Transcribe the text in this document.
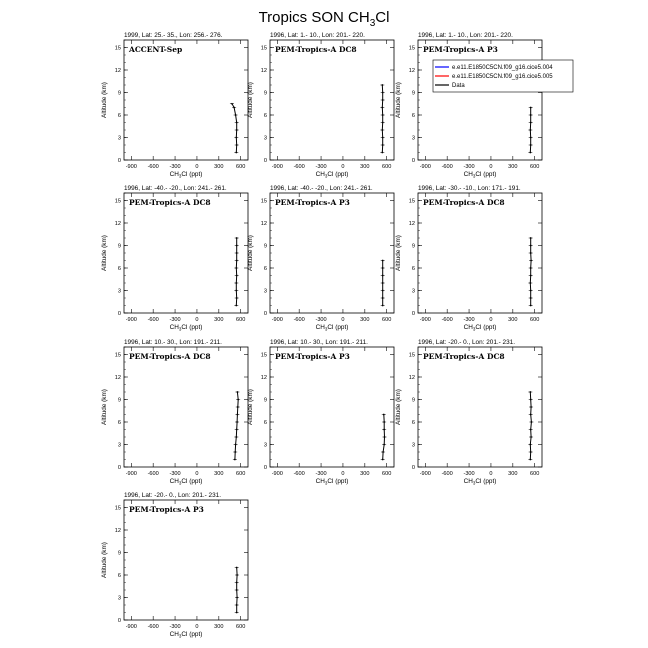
Tropics SON $CH_3Cl$
1999, Lat: 25.- 35., Lon: 256.- 276.
-900 -600 -300	0	300 600
0
3
6
9
12
15
$CH_3Cl$ (ppt)
Altitude (km)
ACCENT-Sep
1996, Lat: 1.- 10., Lon: 201.- 220.
-900 -600 -300	0	300 600
0
3
6
9
12
15
$CH_3Cl$ (ppt)
Altitude (km)
PEM-Tropics-A DC8
1996, Lat: 1.- 10., Lon: 201.- 220.
-900 -600 -300	0	300 600
0
3
6
9
12
15
$CH_3Cl$ (ppt)
Altitude (km)
PEM-Tropics-A P3
e.e11.E1850C5CN.f09_g16.cice5.004
e.e11.E1850C5CN.f09_g16.cice5.005
Data
1996, Lat: -40.- -20., Lon: 241.- 261.
-900 -600 -300	0	300 600
0
3
6
9
12
15
$CH_3Cl$ (ppt)
Altitude (km)
PEM-Tropics-A DC8
1996, Lat: -40.- -20., Lon: 241.- 261.
-900 -600 -300	0	300 600
0
3
6
9
12
15
$CH_3Cl$ (ppt)
Altitude (km)
PEM-Tropics-A P3
1996, Lat: -30.- -10., Lon: 171.- 191.
-900 -600 -300	0	300 600
0
3
6
9
12
15
$CH_3Cl$ (ppt)
Altitude (km)
PEM-Tropics-A DC8
1996, Lat: 10.- 30., Lon: 191.- 211.
-900 -600 -300	0	300 600
0
3
6
9
12
15
$CH_3Cl$ (ppt)
Altitude (km)
PEM-Tropics-A DC8
1996, Lat: 10.- 30., Lon: 191.- 211.
-900 -600 -300	0	300 600
0
3
6
9
12
15
$CH_3Cl$ (ppt)
Altitude (km)
PEM-Tropics-A P3
1996, Lat: -20.- 0., Lon: 201.- 231.
-900 -600 -300	0	300 600
0
3
6
9
12
15
$CH_3Cl$ (ppt)
Altitude (km)
PEM-Tropics-A DC8
1996, Lat: -20.- 0., Lon: 201.- 231.
-900 -600 -300	0	300 600
0
3
6
9
12
15
$CH_3Cl$ (ppt)
Altitude (km)
PEM-Tropics-A P3
